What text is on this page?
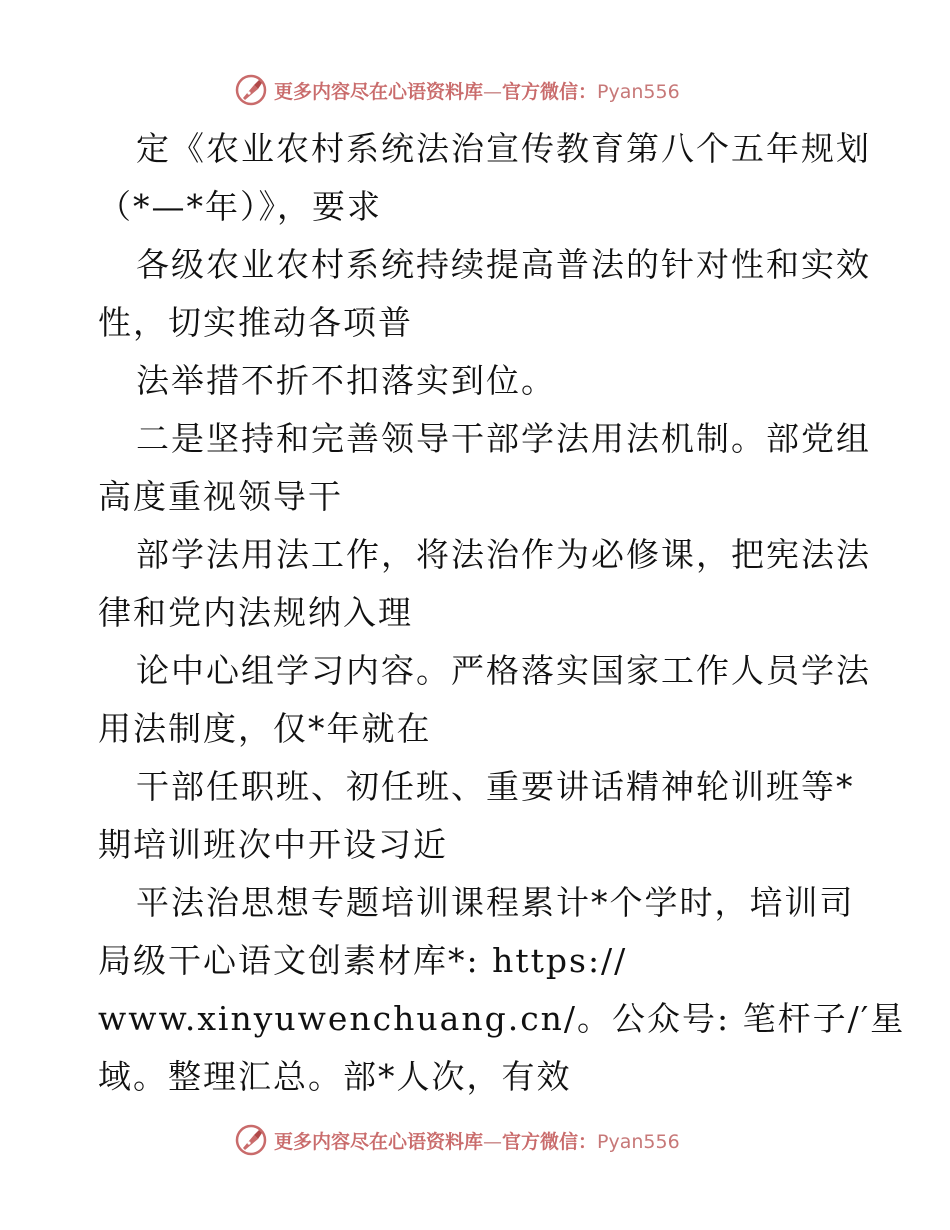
更多内容尽在心语资料库—官方微信：Pyan556
定《农业农村系统法治宣传教育第八个五年规划
（*—*年）》，要求
各级农业农村系统持续提高普法的针对性和实效
性，切实推动各项普
法举措不折不扣落实到位。
二是坚持和完善领导干部学法用法机制。部党组
高度重视领导干
部学法用法工作，将法治作为必修课，把宪法法
律和党内法规纳入理
论中心组学习内容。严格落实国家工作人员学法
用法制度，仅*年就在
干部任职班、初任班、重要讲话精神轮训班等*
期培训班次中开设习近
平法治思想专题培训课程累计*个学时，培训司
局级干心语文创素材库*: https://
www.xinyuwenchuang.cn/。公众号: 笔杆子/′星
域。整理汇总。部*人次，有效
更多内容尽在心语资料库—官方微信：Pyan556
